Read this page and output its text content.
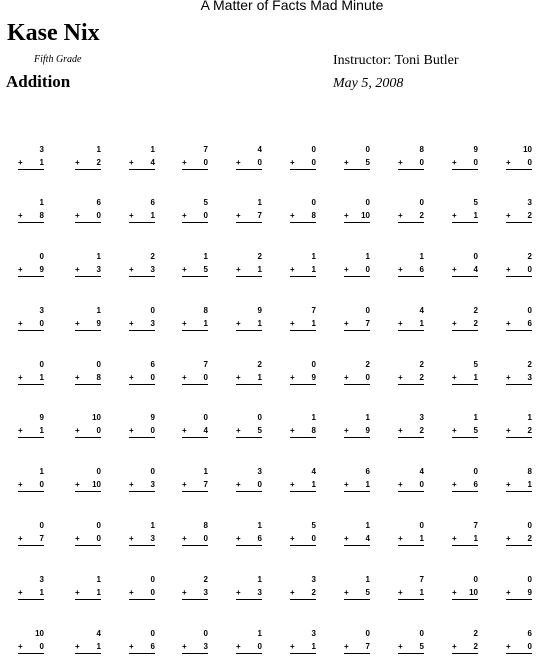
A Matter of Facts Mad Minute
Kase Nix
Fifth Grade
Addition
Instructor: Toni Butler
May 5, 2008
3
+ 1
1
+ 2
1
+ 4
7
+ 0
4
+ 0
0
+ 0
0
+ 5
8
+ 0
9
+ 0
10
+ 0
1
+ 8
6
+ 0
6
+ 1
5
+ 0
1
+ 7
0
+ 8
0
+ 10
0
+ 2
5
+ 1
3
+ 2
0
+ 9
1
+ 3
2
+ 3
1
+ 5
2
+ 1
1
+ 1
1
+ 0
1
+ 6
0
+ 4
2
+ 0
3
+ 0
1
+ 9
0
+ 3
8
+ 1
9
+ 1
7
+ 1
0
+ 7
4
+ 1
2
+ 2
0
+ 6
0
+ 1
0
+ 8
6
+ 0
7
+ 0
2
+ 1
0
+ 9
2
+ 0
2
+ 2
5
+ 1
2
+ 3
9
+ 1
10
+ 0
9
+ 0
0
+ 4
0
+ 5
1
+ 8
1
+ 9
3
+ 2
1
+ 5
1
+ 2
1
+ 0
0
+ 10
0
+ 3
1
+ 7
3
+ 0
4
+ 1
6
+ 1
4
+ 0
0
+ 6
8
+ 1
0
+ 7
0
+ 0
1
+ 3
8
+ 0
1
+ 6
5
+ 0
1
+ 4
0
+ 1
7
+ 1
0
+ 2
3
+ 1
1
+ 1
0
+ 0
2
+ 3
1
+ 3
3
+ 2
1
+ 5
7
+ 1
0
+ 10
0
+ 9
10
+ 0
4
+ 1
0
+ 6
0
+ 3
1
+ 0
3
+ 1
0
+ 7
0
+ 5
2
+ 2
6
+ 0
